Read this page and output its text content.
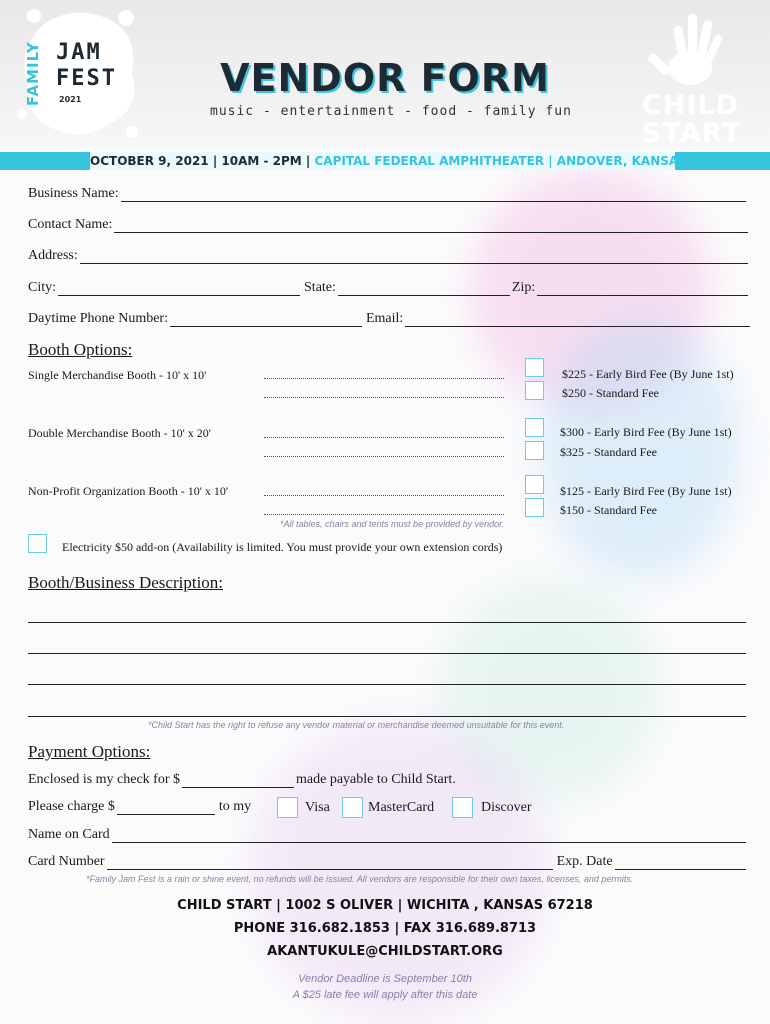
FAMILY JAM
FEST
2021	CHILD
START
VENDOR FORM
music - entertainment - food - family fun
OCTOBER 9, 2021 | 10AM - 2PM | CAPITAL FEDERAL AMPHITHEATER | ANDOVER, KANSAS
Business Name:
Contact Name:
Address:
City:	State:	Zip:
Daytime Phone Number:	Email:
Booth Options:
Single Merchandise Booth - 10' x 10'	$225 - Early Bird Fee (By June 1st)
$250 - Standard Fee
Double Merchandise Booth - 10' x 20'	$300 - Early Bird Fee (By June 1st)
$325 - Standard Fee
Non-Profit Organization Booth - 10' x 10'	$125 - Early Bird Fee (By June 1st)
$150 - Standard Fee
*All tables, chairs and tents must be provided by vendor.
Electricity $50 add-on (Availability is limited. You must provide your own extension cords)
Booth/Business Description:
*Child Start has the right to refuse any vendor material or merchandise deemed unsuitable for this event.
Payment Options:
Enclosed is my check for $	made payable to Child Start.
Please charge $	to my	Visa	MasterCard	Discover
Name on Card
Card Number	Exp. Date
*Family Jam Fest is a rain or shine event, no refunds will be issued. All vendors are responsible for their own taxes, licenses, and permits.
CHILD START | 1002 S OLIVER | WICHITA , KANSAS 67218
PHONE 316.682.1853 | FAX 316.689.8713
AKANTUKULE@CHILDSTART.ORG
Vendor Deadline is September 10th
A $25 late fee will apply after this date
